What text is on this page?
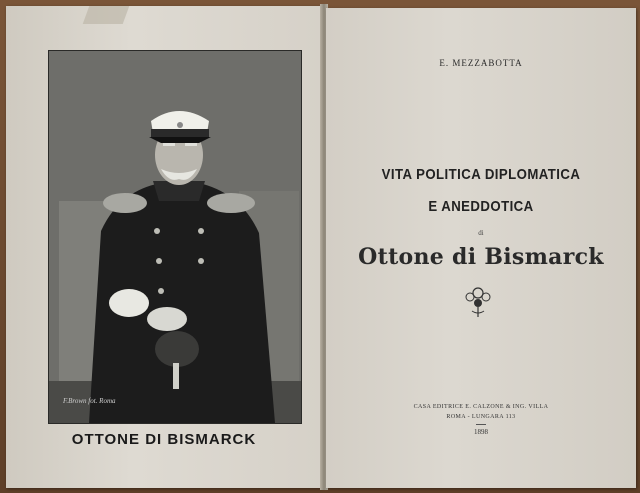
F.Brown fot. Roma
OTTONE DI BISMARCK
E. MEZZABOTTA
VITA POLITICA DIPLOMATICA
E ANEDDOTICA
di
Ottone di Bismarck
CASA EDITRICE E. CALZONE & ING. VILLA
ROMA - LUNGARA 113
1898
